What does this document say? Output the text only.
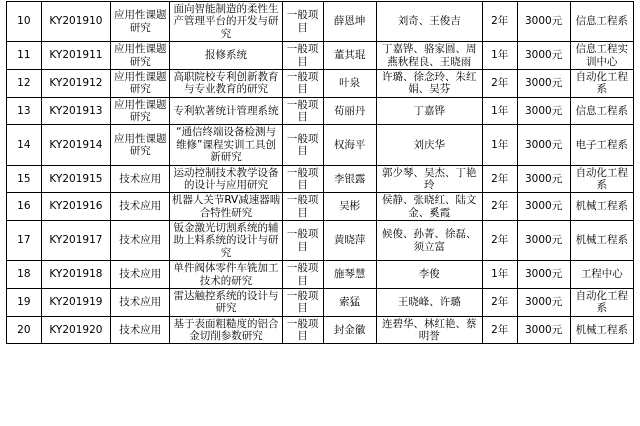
10	KY201910	应用性课题研究	面向智能制造的柔性生产管理平台的开发与研究	一般项目	薛恩坤	刘奇、王俊吉	2年	3000元	信息工程系
11	KY201911	应用性课题研究	报修系统	一般项目	董其琨	丁嘉铧、骆家圆、周燕秋程良、王晓雨	1年	3000元	信息工程实训中心
12	KY201912	应用性课题研究	高职院校专利创新教育与专业教育的研究	一般项目	叶泉	许璐、徐念玲、朱红娟、吴芬	2年	3000元	自动化工程系
13	KY201913	应用性课题研究	专利软著统计管理系统	一般项目	荀丽丹	丁嘉铧	1年	3000元	信息工程系
14	KY201914	应用性课题研究	“通信终端设备检测与维修”课程实训工具创新研究	一般项目	权海平	刘庆华	1年	3000元	电子工程系
15	KY201915	技术应用	运动控制技术教学设备的设计与应用研究	一般项目	李银露	郭少琴、吴杰、丁艳玲	2年	3000元	自动化工程系
16	KY201916	技术应用	机器人关节RV减速器啮合特性研究	一般项目	吴彬	侯静、张晓红、陆文金、奚霞	2年	3000元	机械工程系
17	KY201917	技术应用	钣金激光切割系统的辅助上料系统的设计与研究	一般项目	黄晓萍	候俊、孙菁、徐磊、须立富	2年	3000元	机械工程系
18	KY201918	技术应用	单件阀体零件车铣加工技术的研究	一般项目	施琴慧	李俊	1年	3000元	工程中心
19	KY201919	技术应用	雷达触控系统的设计与研究	一般项目	索猛	王晓峰、许璐	2年	3000元	自动化工程系
20	KY201920	技术应用	基于表面粗糙度的铝合金切削参数研究	一般项目	封金徽	连碧华、林红艳、蔡明誉	2年	3000元	机械工程系
